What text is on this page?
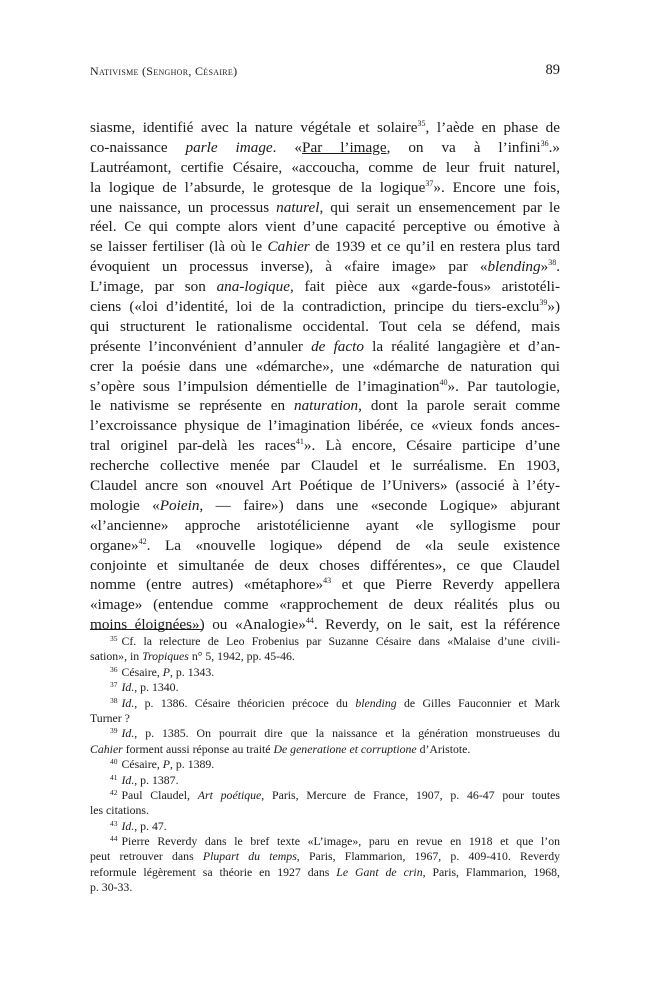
Nativisme (Senghor, Césaire)	89
siasme, identifié avec la nature végétale et solaire$^{35}$, l’aède en phase de
co-naissance parle image. «Par l’image, on va à l’infini$^{36}$.»
Lautréamont, certifie Césaire, «accoucha, comme de leur fruit naturel,
la logique de l’absurde, le grotesque de la logique$^{37}$». Encore une fois,
une naissance, un processus naturel, qui serait un ensemencement par le
réel. Ce qui compte alors vient d’une capacité perceptive ou émotive à
se laisser fertiliser (là où le Cahier de 1939 et ce qu’il en restera plus tard
évoquient un processus inverse), à «faire image» par «blending»$^{38}$.
L’image, par son ana-logique, fait pièce aux «garde-fous» aristotéli-
ciens («loi d’identité, loi de la contradiction, principe du tiers-exclu$^{39}$»)
qui structurent le rationalisme occidental. Tout cela se défend, mais
présente l’inconvénient d’annuler de facto la réalité langagière et d’an-
crer la poésie dans une «démarche», une «démarche de naturation qui
s’opère sous l’impulsion démentielle de l’imagination$^{40}$». Par tautologie,
le nativisme se représente en naturation, dont la parole serait comme
l’excroissance physique de l’imagination libérée, ce «vieux fonds ances-
tral originel par-delà les races$^{41}$». Là encore, Césaire participe d’une
recherche collective menée par Claudel et le surréalisme. En 1903,
Claudel ancre son «nouvel Art Poétique de l’Univers» (associé à l’éty-
mologie «Poiein, — faire») dans une «seconde Logique» abjurant
«l’ancienne» approche aristotélicienne ayant «le syllogisme pour
organe»$^{42}$. La «nouvelle logique» dépend de «la seule existence
conjointe et simultanée de deux choses différentes», ce que Claudel
nomme (entre autres) «métaphore»$^{43}$ et que Pierre Reverdy appellera
«image» (entendue comme «rapprochement de deux réalités plus ou
moins éloignées») ou «Analogie»$^{44}$. Reverdy, on le sait, est la référence
$^{35}$ Cf. la relecture de Leo Frobenius par Suzanne Césaire dans «Malaise d’une civili-
sation», in Tropiques n° 5, 1942, pp. 45-46.
$^{36}$ Césaire, P, p. 1343.
$^{37}$ Id., p. 1340.
$^{38}$ Id., p. 1386. Césaire théoricien précoce du blending de Gilles Fauconnier et Mark
Turner ?
$^{39}$ Id., p. 1385. On pourrait dire que la naissance et la génération monstrueuses du
Cahier forment aussi réponse au traité De generatione et corruptione d’Aristote.
$^{40}$ Césaire, P, p. 1389.
$^{41}$ Id., p. 1387.
$^{42}$ Paul Claudel, Art poétique, Paris, Mercure de France, 1907, p. 46-47 pour toutes
les citations.
$^{43}$ Id., p. 47.
$^{44}$ Pierre Reverdy dans le bref texte «L’image», paru en revue en 1918 et que l’on
peut retrouver dans Plupart du temps, Paris, Flammarion, 1967, p. 409-410. Reverdy
reformule légèrement sa théorie en 1927 dans Le Gant de crin, Paris, Flammarion, 1968,
p. 30-33.
